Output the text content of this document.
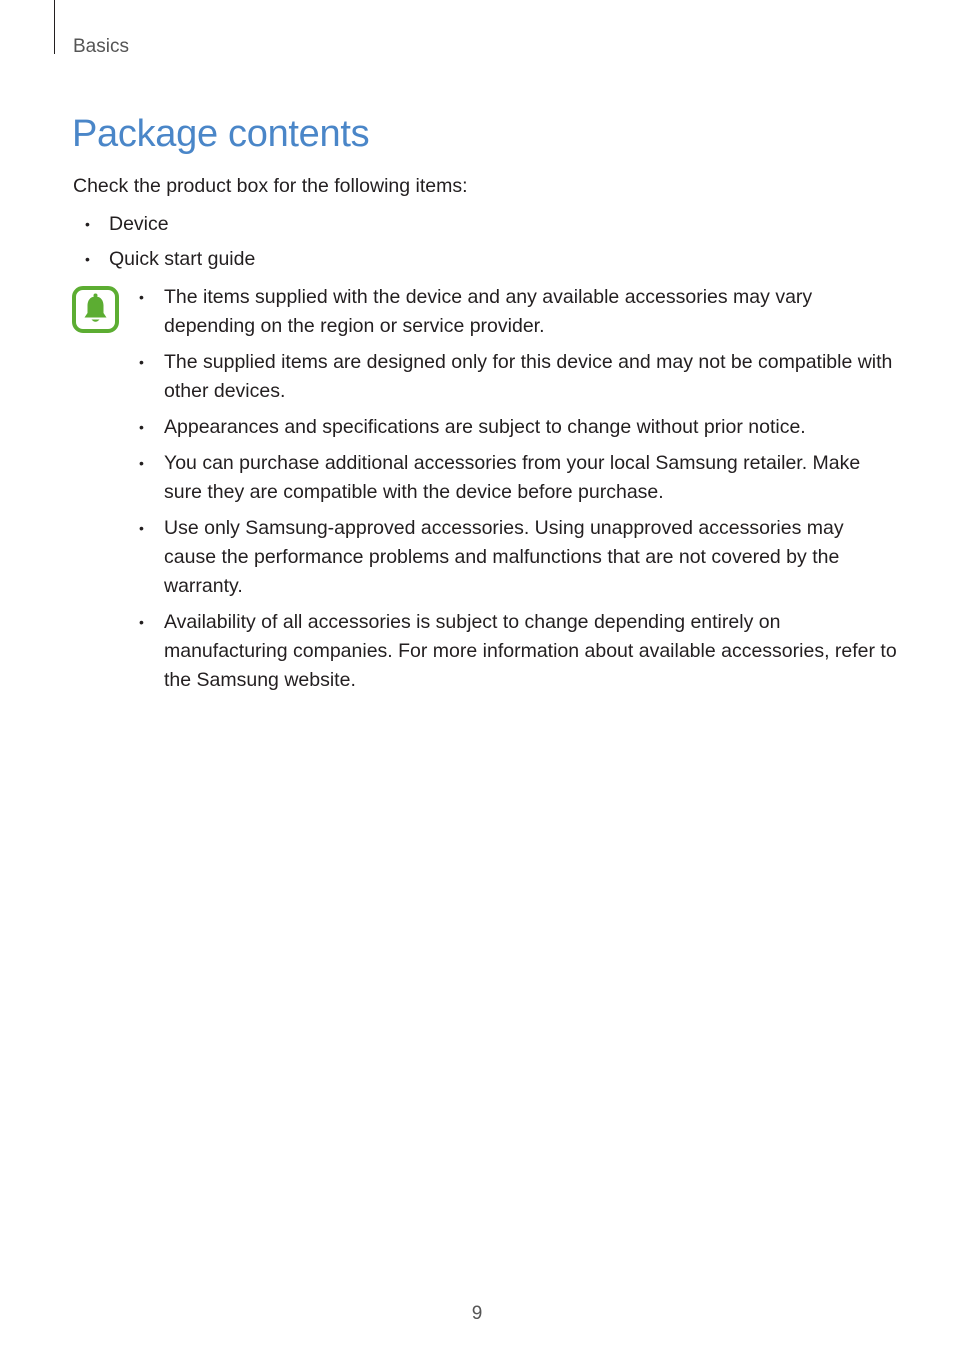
Basics
Package contents
Check the product box for the following items:
• Device
• Quick start guide
• The items supplied with the device and any available accessories may vary depending on the region or service provider.
• The supplied items are designed only for this device and may not be compatible with other devices.
• Appearances and specifications are subject to change without prior notice.
• You can purchase additional accessories from your local Samsung retailer. Make sure they are compatible with the device before purchase.
• Use only Samsung-approved accessories. Using unapproved accessories may cause the performance problems and malfunctions that are not covered by the warranty.
• Availability of all accessories is subject to change depending entirely on manufacturing companies. For more information about available accessories, refer to the Samsung website.
9
